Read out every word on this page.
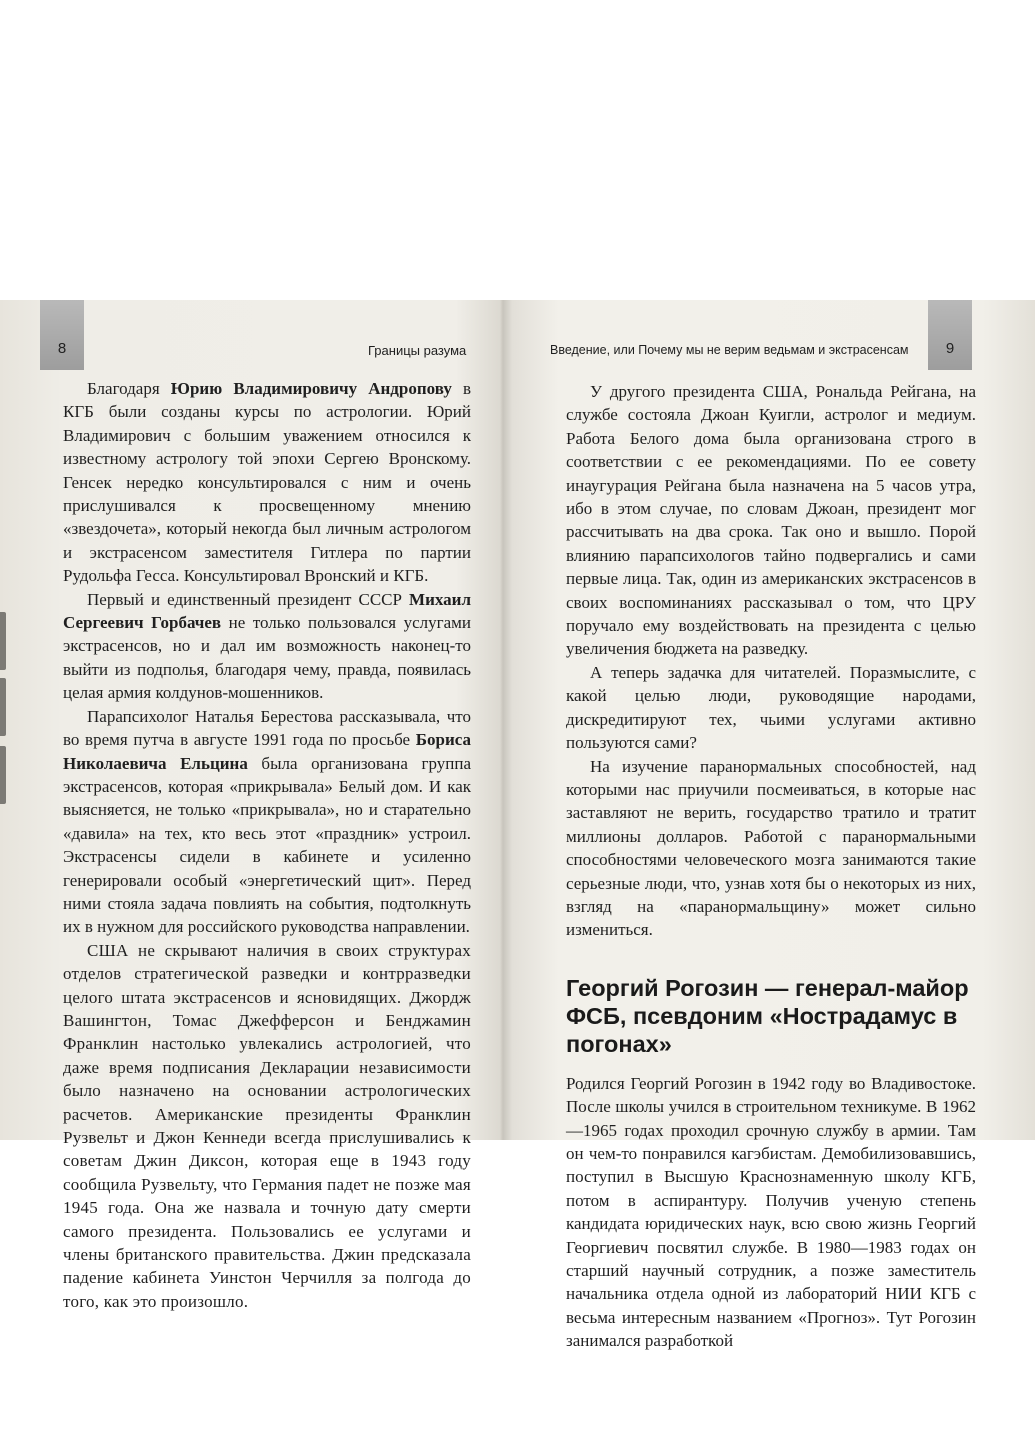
8	Границы разума

Благодаря Юрию Владимировичу Андропову в КГБ были созданы курсы по астрологии. Юрий Владимирович с большим уважением относился к известному астрологу той эпохи Сергею Вронскому. Генсек нередко консультировался с ним и очень прислушивался к просвещенному мнению «звездочета», который некогда был личным астрологом и экстрасенсом заместителя Гитлера по партии Рудольфа Гесса. Консультировал Вронский и КГБ.

Первый и единственный президент СССР Михаил Сергеевич Горбачев не только пользовался услугами экстрасенсов, но и дал им возможность наконец-то выйти из подполья, благодаря чему, правда, появилась целая армия колдунов-мошенников.

Парапсихолог Наталья Берестова рассказывала, что во время путча в августе 1991 года по просьбе Бориса Николаевича Ельцина была организована группа экстрасенсов, которая «прикрывала» Белый дом. И как выясняется, не только «прикрывала», но и старательно «давила» на тех, кто весь этот «праздник» устроил. Экстрасенсы сидели в кабинете и усиленно генерировали особый «энергетический щит». Перед ними стояла задача повлиять на события, подтолкнуть их в нужном для российского руководства направлении.

США не скрывают наличия в своих структурах отделов стратегической разведки и контрразведки целого штата экстрасенсов и ясновидящих. Джордж Вашингтон, Томас Джефферсон и Бенджамин Франклин настолько увлекались астрологией, что даже время подписания Декларации независимости было назначено на основании астрологических расчетов. Американские президенты Франклин Рузвельт и Джон Кеннеди всегда прислушивались к советам Джин Диксон, которая еще в 1943 году сообщила Рузвельту, что Германия падет не позже мая 1945 года. Она же назвала и точную дату смерти самого президента. Пользовались ее услугами и члены британского правительства. Джин предсказала падение кабинета Уинстон Черчилля за полгода до того, как это произошло.

9
Введение, или Почему мы не верим ведьмам и экстрасенсам

У другого президента США, Рональда Рейгана, на службе состояла Джоан Куигли, астролог и медиум. Работа Белого дома была организована строго в соответствии с ее рекомендациями. По ее совету инаугурация Рейгана была назначена на 5 часов утра, ибо в этом случае, по словам Джоан, президент мог рассчитывать на два срока. Так оно и вышло. Порой влиянию парапсихологов тайно подвергались и сами первые лица. Так, один из американских экстрасенсов в своих воспоминаниях рассказывал о том, что ЦРУ поручало ему воздействовать на президента с целью увеличения бюджета на разведку.

А теперь задачка для читателей. Поразмыслите, с какой целью люди, руководящие народами, дискредитируют тех, чьими услугами активно пользуются сами?

На изучение паранормальных способностей, над которыми нас приучили посмеиваться, в которые нас заставляют не верить, государство тратило и тратит миллионы долларов. Работой с паранормальными способностями человеческого мозга занимаются такие серьезные люди, что, узнав хотя бы о некоторых из них, взгляд на «паранормальщину» может сильно измениться.

Георгий Рогозин — генерал-майор ФСБ, псевдоним «Нострадамус в погонах»

Родился Георгий Рогозин в 1942 году во Владивостоке. После школы учился в строительном техникуме. В 1962—1965 годах проходил срочную службу в армии. Там он чем-то понравился кагэбистам. Демобилизовавшись, поступил в Высшую Краснознаменную школу КГБ, потом в аспирантуру. Получив ученую степень кандидата юридических наук, всю свою жизнь Георгий Георгиевич посвятил службе. В 1980—1983 годах он старший научный сотрудник, а позже заместитель начальника отдела одной из лабораторий НИИ КГБ с весьма интересным названием «Прогноз». Тут Рогозин занимался разработкой
